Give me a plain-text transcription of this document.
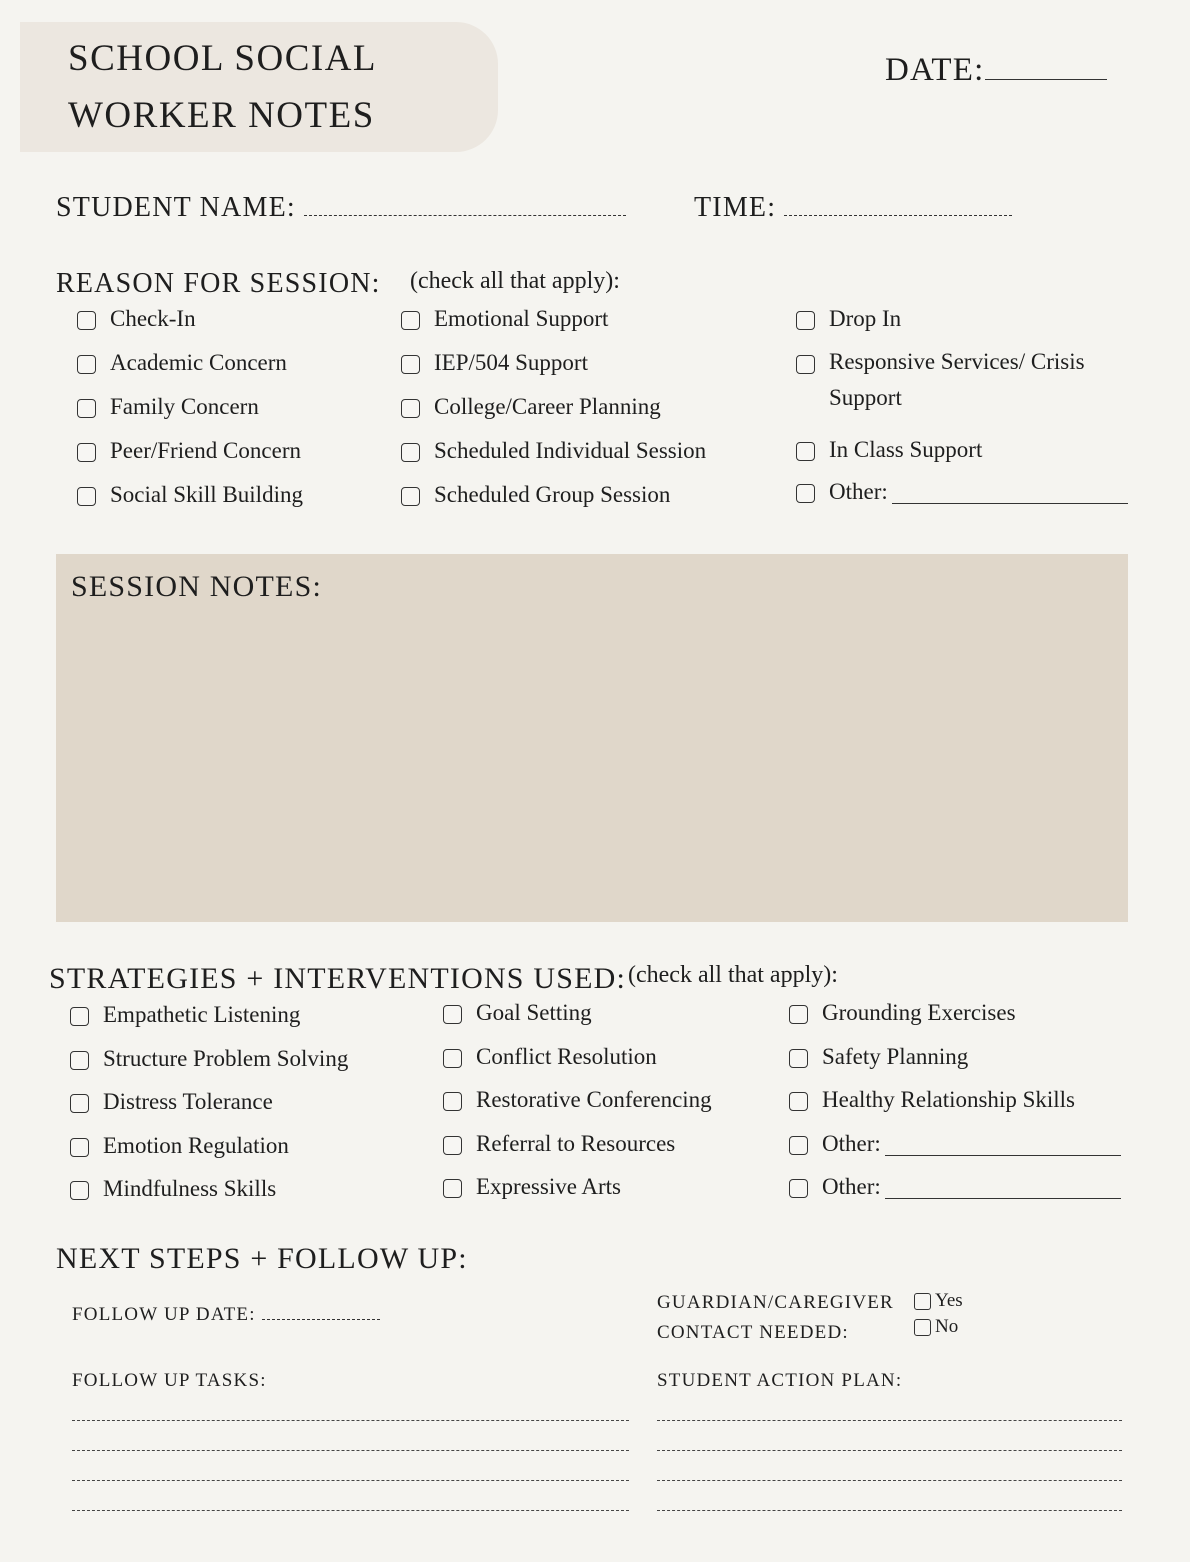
SCHOOL SOCIAL
WORKER NOTES
DATE:
STUDENT NAME:	TIME:
REASON FOR SESSION: (check all that apply):
Check-In
Academic Concern
Family Concern
Peer/Friend Concern
Social Skill Building
Emotional Support
IEP/504 Support
College/Career Planning
Scheduled Individual Session
Scheduled Group Session
Drop In
Responsive Services/ Crisis Support
In Class Support
Other:
SESSION NOTES:
STRATEGIES + INTERVENTIONS USED: (check all that apply):
Empathetic Listening
Structure Problem Solving
Distress Tolerance
Emotion Regulation
Mindfulness Skills
Goal Setting
Conflict Resolution
Restorative Conferencing
Referral to Resources
Expressive Arts
Grounding Exercises
Safety Planning
Healthy Relationship Skills
Other:
Other:
NEXT STEPS + FOLLOW UP:
FOLLOW UP DATE:
GUARDIAN/CAREGIVER
CONTACT NEEDED:
Yes
No
FOLLOW UP TASKS:	STUDENT ACTION PLAN:
